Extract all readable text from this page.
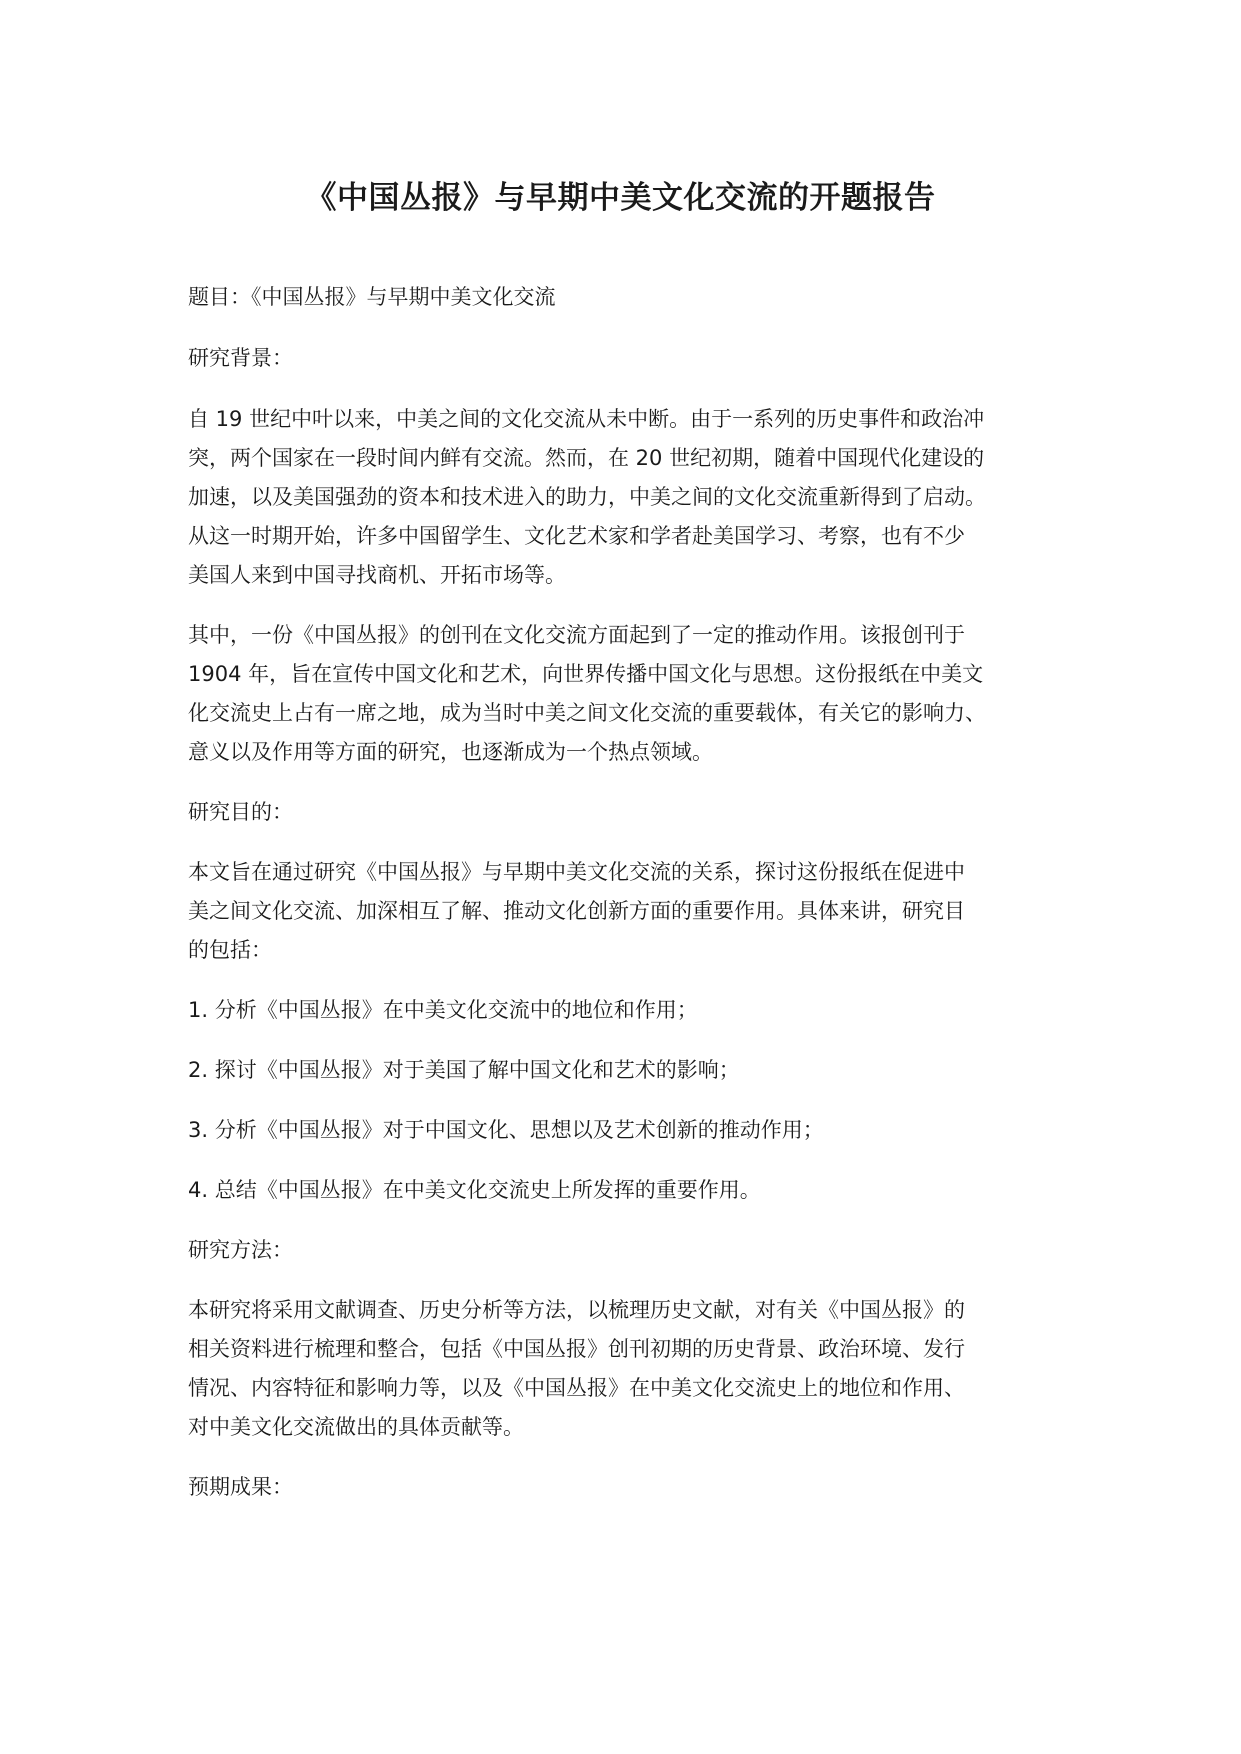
《中国丛报》与早期中美文化交流的开题报告

题目：《中国丛报》与早期中美文化交流

研究背景：

自 19 世纪中叶以来，中美之间的文化交流从未中断。由于一系列的历史事件和政治冲
突，两个国家在一段时间内鲜有交流。然而，在 20 世纪初期，随着中国现代化建设的
加速，以及美国强劲的资本和技术进入的助力，中美之间的文化交流重新得到了启动。
从这一时期开始，许多中国留学生、文化艺术家和学者赴美国学习、考察，也有不少
美国人来到中国寻找商机、开拓市场等。

其中，一份《中国丛报》的创刊在文化交流方面起到了一定的推动作用。该报创刊于
1904 年，旨在宣传中国文化和艺术，向世界传播中国文化与思想。这份报纸在中美文
化交流史上占有一席之地，成为当时中美之间文化交流的重要载体，有关它的影响力、
意义以及作用等方面的研究，也逐渐成为一个热点领域。

研究目的：

本文旨在通过研究《中国丛报》与早期中美文化交流的关系，探讨这份报纸在促进中
美之间文化交流、加深相互了解、推动文化创新方面的重要作用。具体来讲，研究目
的包括：

1. 分析《中国丛报》在中美文化交流中的地位和作用；

2. 探讨《中国丛报》对于美国了解中国文化和艺术的影响；

3. 分析《中国丛报》对于中国文化、思想以及艺术创新的推动作用；

4. 总结《中国丛报》在中美文化交流史上所发挥的重要作用。

研究方法：

本研究将采用文献调查、历史分析等方法，以梳理历史文献，对有关《中国丛报》的
相关资料进行梳理和整合，包括《中国丛报》创刊初期的历史背景、政治环境、发行
情况、内容特征和影响力等，以及《中国丛报》在中美文化交流史上的地位和作用、
对中美文化交流做出的具体贡献等。

预期成果：
